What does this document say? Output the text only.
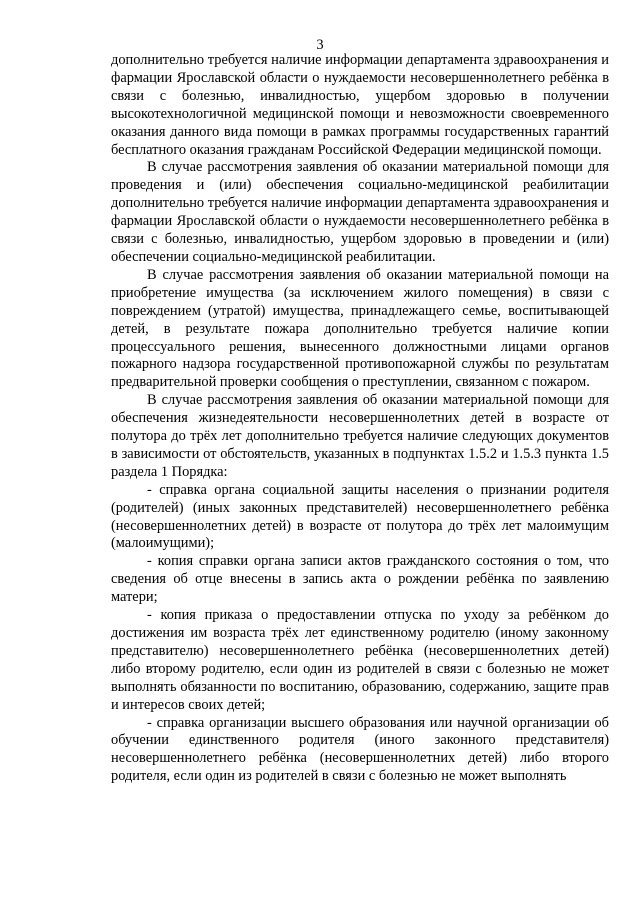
3

дополнительно требуется наличие информации департамента здравоохранения и фармации Ярославской области о нуждаемости несовершеннолетнего ребёнка в связи с болезнью, инвалидностью, ущербом здоровью в получении высокотехнологичной медицинской помощи и невозможности своевременного оказания данного вида помощи в рамках программы государственных гарантий бесплатного оказания гражданам Российской Федерации медицинской помощи.

В случае рассмотрения заявления об оказании материальной помощи для проведения и (или) обеспечения социально-медицинской реабилитации дополнительно требуется наличие информации департамента здравоохранения и фармации Ярославской области о нуждаемости несовершеннолетнего ребёнка в связи с болезнью, инвалидностью, ущербом здоровью в проведении и (или) обеспечении социально-медицинской реабилитации.

В случае рассмотрения заявления об оказании материальной помощи на приобретение имущества (за исключением жилого помещения) в связи с повреждением (утратой) имущества, принадлежащего семье, воспитывающей детей, в результате пожара дополнительно требуется наличие копии процессуального решения, вынесенного должностными лицами органов пожарного надзора государственной противопожарной службы по результатам предварительной проверки сообщения о преступлении, связанном с пожаром.

В случае рассмотрения заявления об оказании материальной помощи для обеспечения жизнедеятельности несовершеннолетних детей в возрасте от полутора до трёх лет дополнительно требуется наличие следующих документов в зависимости от обстоятельств, указанных в подпунктах 1.5.2 и 1.5.3 пункта 1.5 раздела 1 Порядка:

- справка органа социальной защиты населения о признании родителя (родителей) (иных законных представителей) несовершеннолетнего ребёнка (несовершеннолетних детей) в возрасте от полутора до трёх лет малоимущим (малоимущими);

- копия справки органа записи актов гражданского состояния о том, что сведения об отце внесены в запись акта о рождении ребёнка по заявлению матери;

- копия приказа о предоставлении отпуска по уходу за ребёнком до достижения им возраста трёх лет единственному родителю (иному законному представителю) несовершеннолетнего ребёнка (несовершеннолетних детей) либо второму родителю, если один из родителей в связи с болезнью не может выполнять обязанности по воспитанию, образованию, содержанию, защите прав и интересов своих детей;

- справка организации высшего образования или научной организации об обучении единственного родителя (иного законного представителя) несовершеннолетнего ребёнка (несовершеннолетних детей) либо второго родителя, если один из родителей в связи с болезнью не может выполнять
